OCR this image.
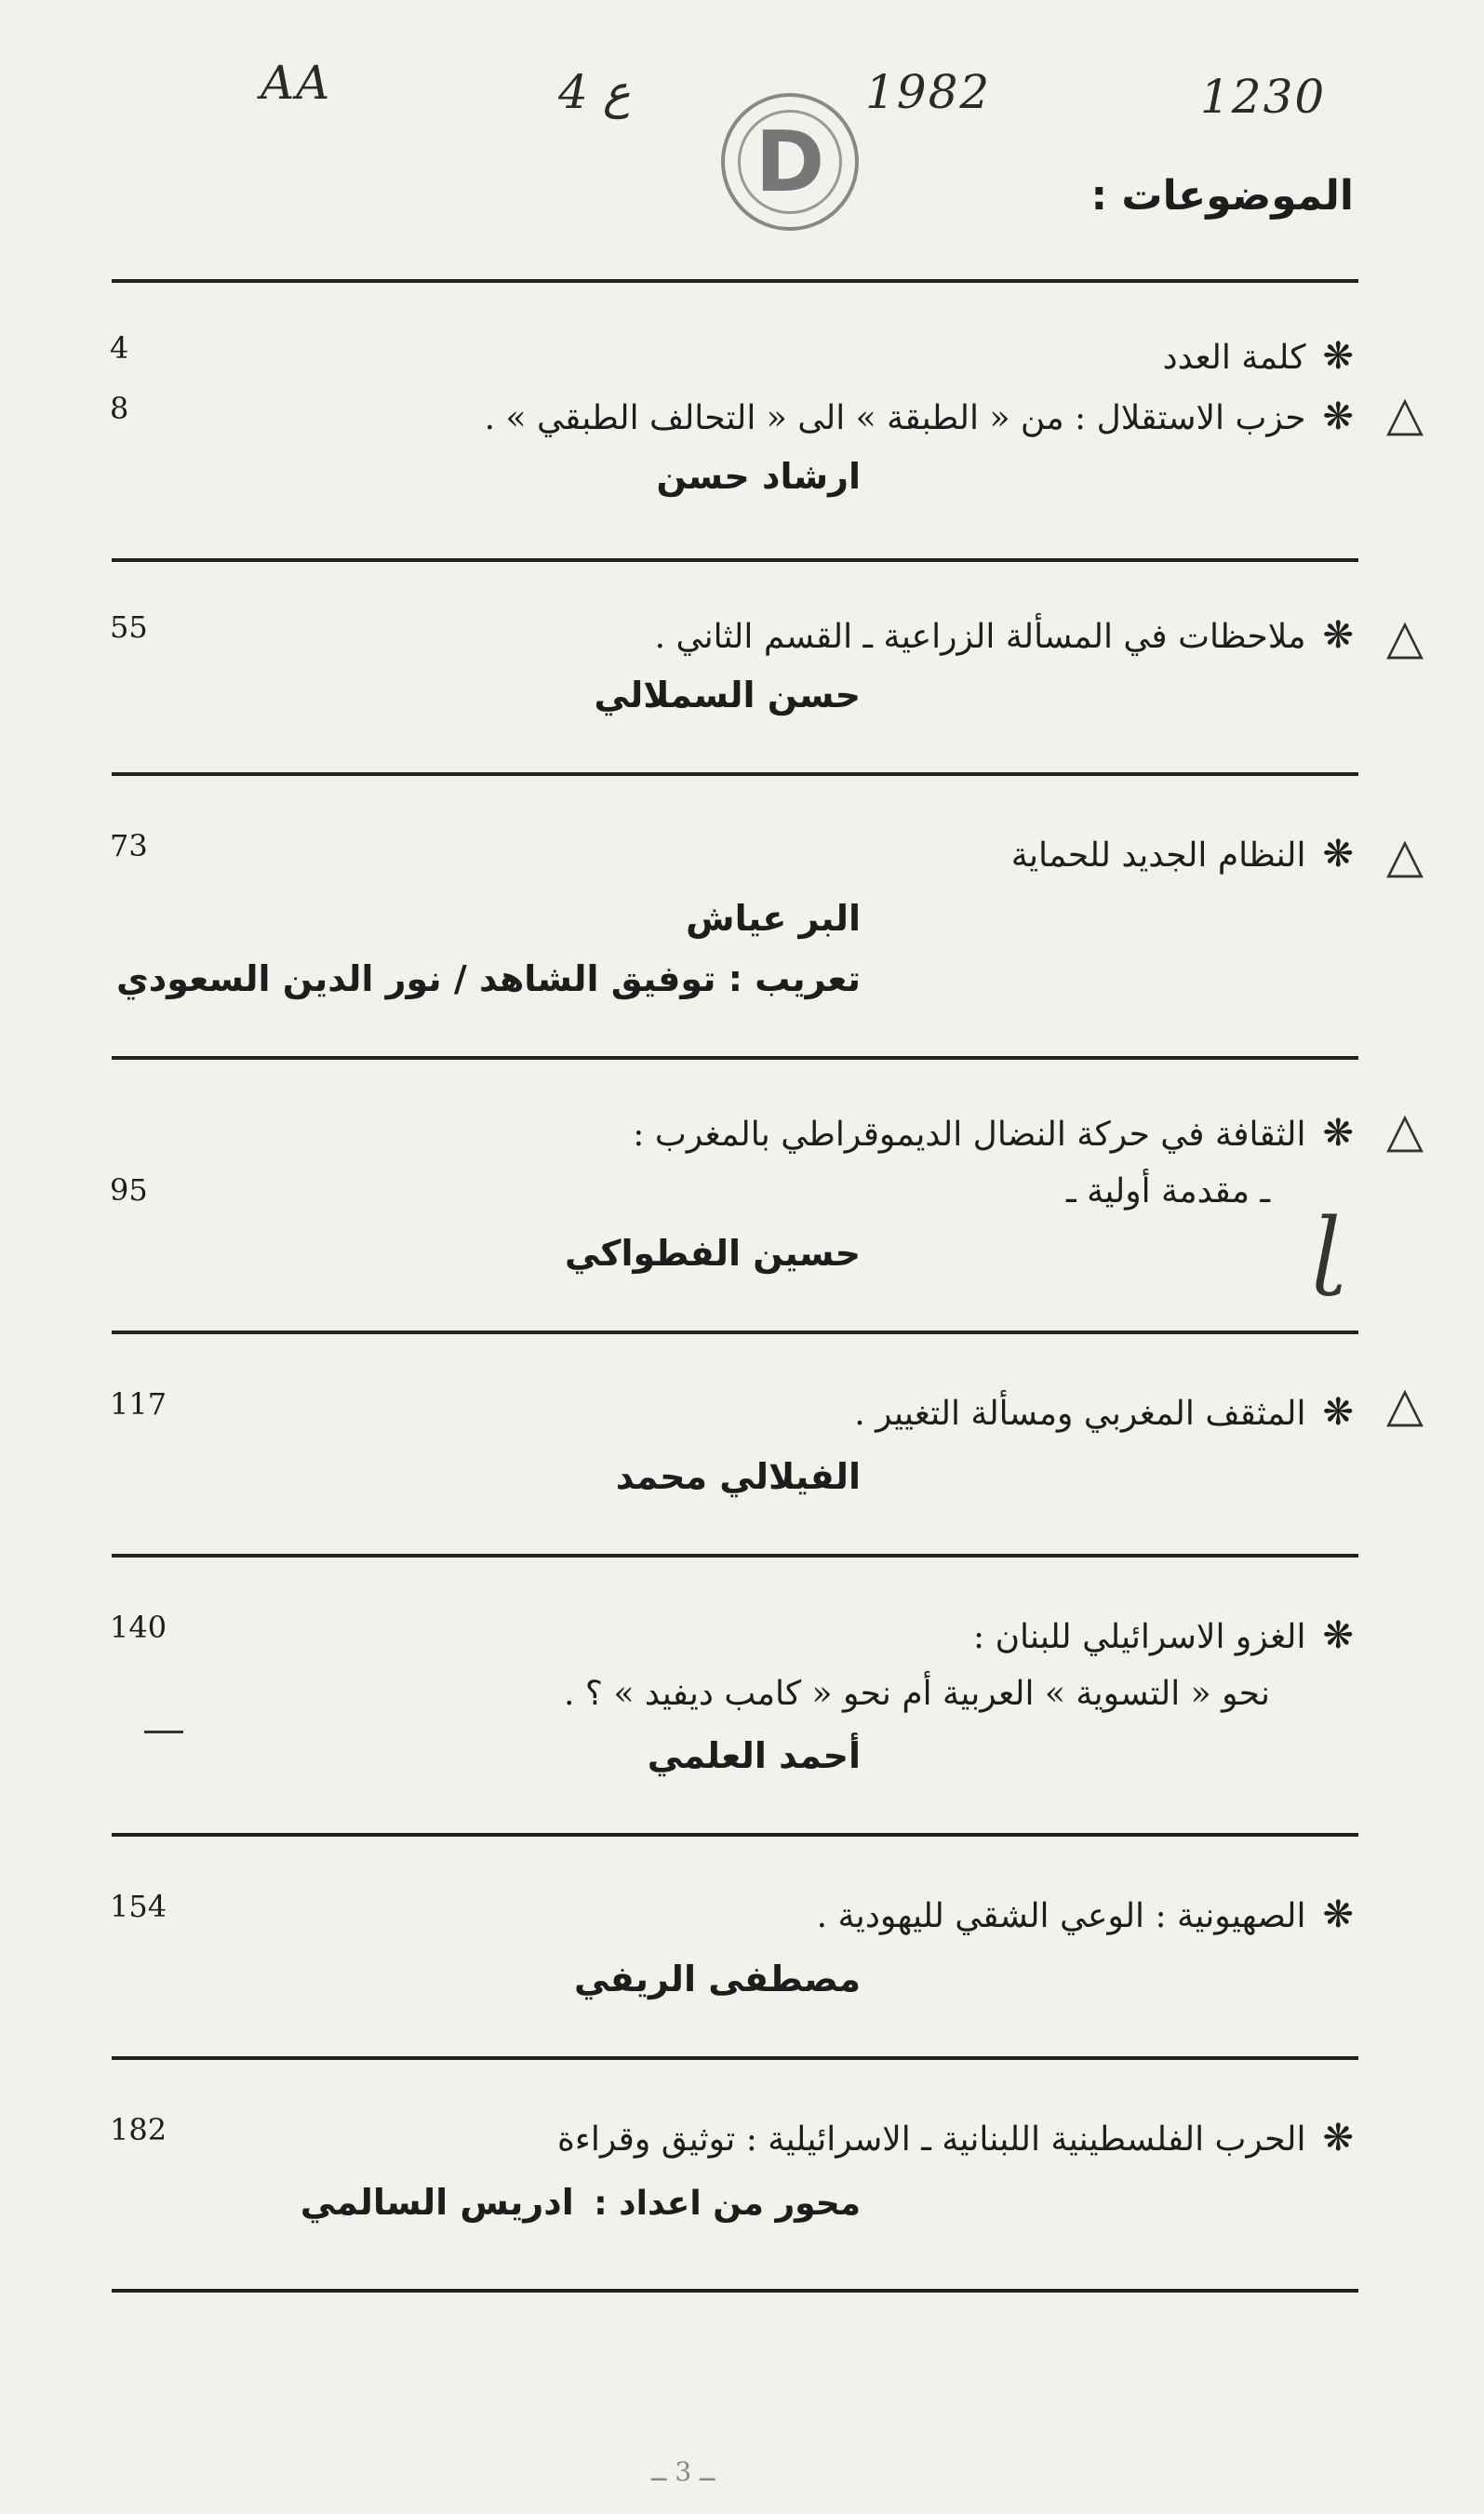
AA	ع 4	1982	1230
D	الموضوعات :
4	❋كلمة العدد
8	❋حزب الاستقلال : من « الطبقة » الى « التحالف الطبقي » .	△
ارشاد حسن
55	❋ملاحظات في المسألة الزراعية ـ القسم الثاني .	△
حسن السملالي
73	❋النظام الجديد للحماية	△
البر عياش
تعريب : توفيق الشاهد / نور الدين السعودي
❋الثقافة في حركة النضال الديموقراطي بالمغرب :	△
95	ـ مقدمة أولية ـ
حسين الفطواكي	ɭ
117	❋المثقف المغربي ومسألة التغيير .	△
الفيلالي محمد
140	❋الغزو الاسرائيلي للبنان :
نحو « التسوية » العربية أم نحو « كامب ديفيد » ؟ .
أحمد العلمي
154	❋الصهيونية : الوعي الشقي لليهودية .
مصطفى الريفي
182	❋الحرب الفلسطينية اللبنانية ـ الاسرائيلية : توثيق وقراءة
محور من اعداد : ادريس السالمي
ــ 3 ــ
